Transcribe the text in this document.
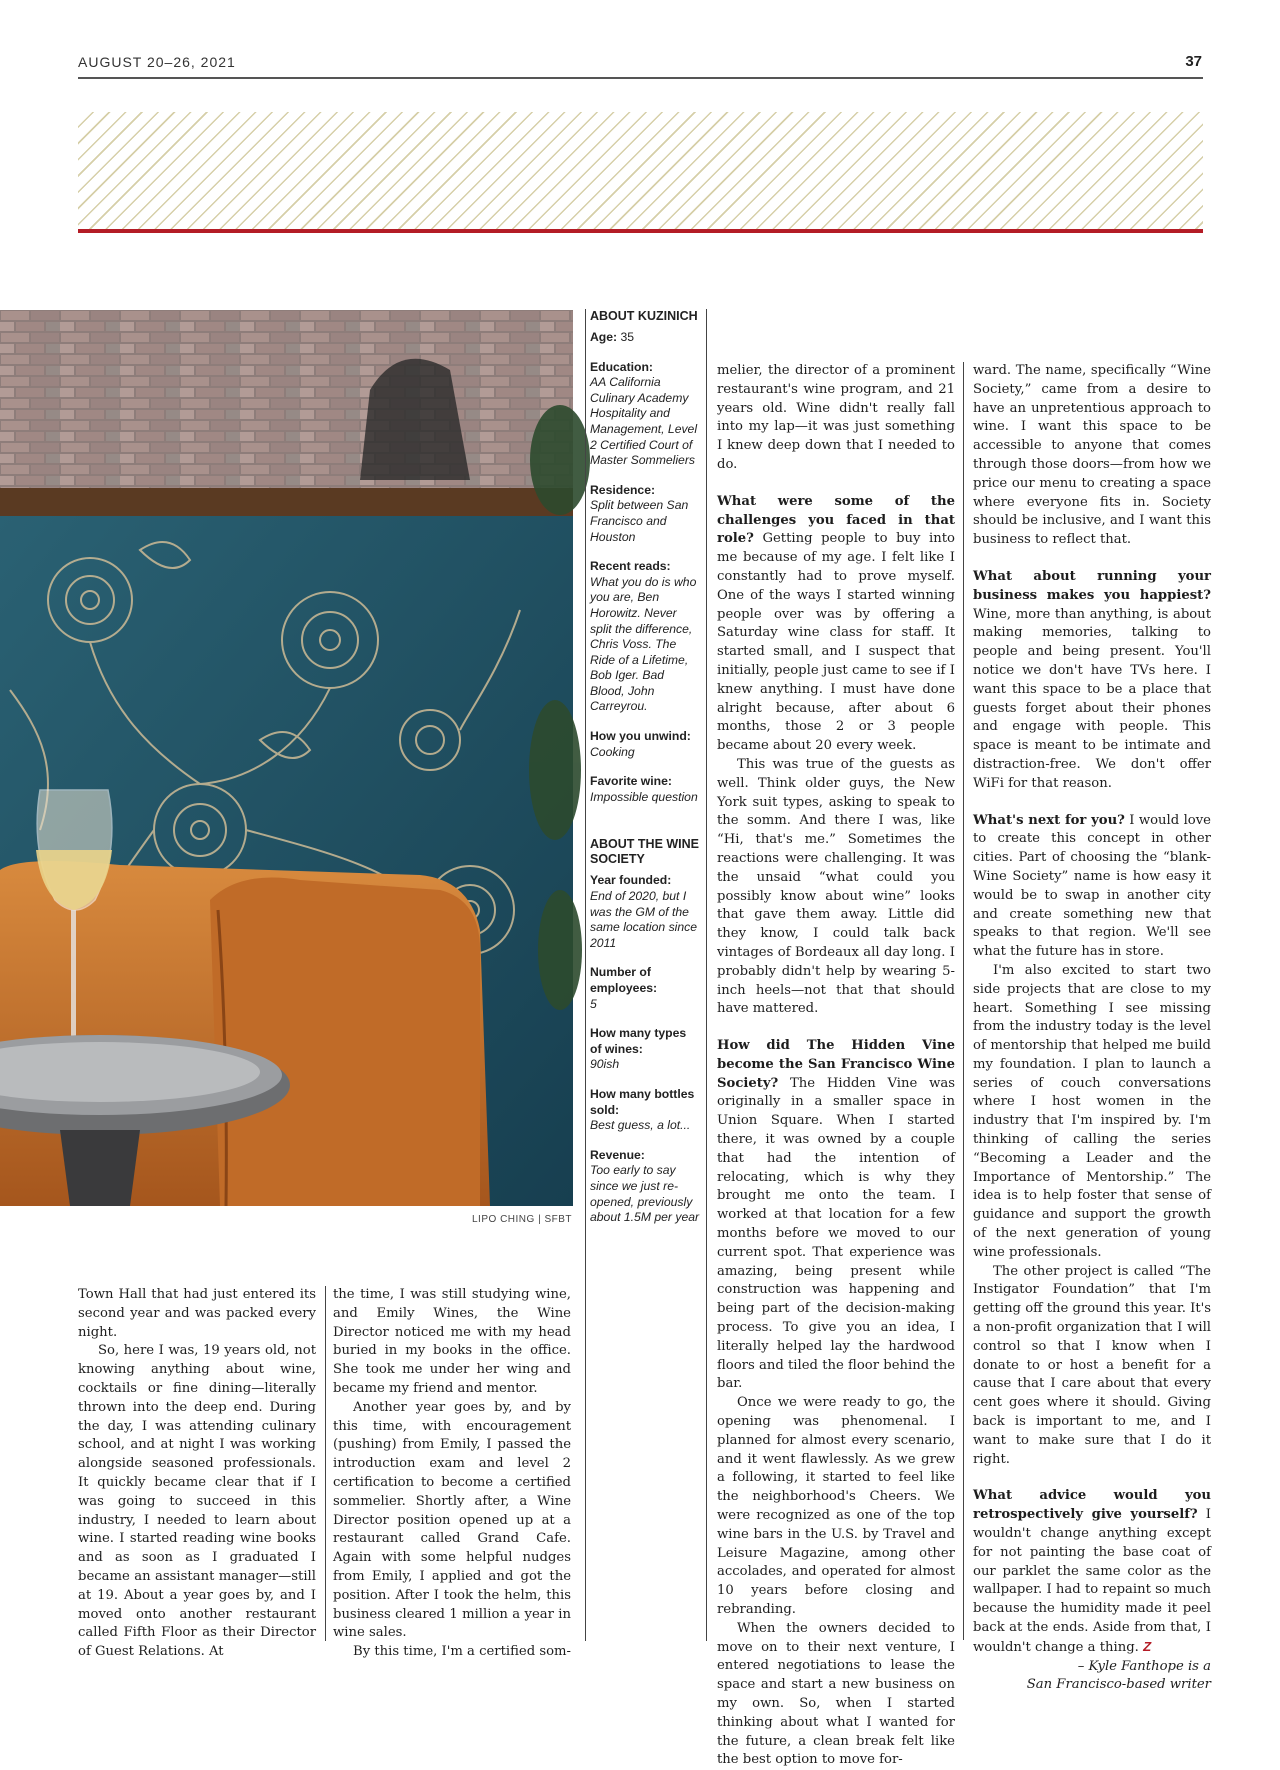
AUGUST 20–26, 2021	37
LIPO CHING | SFBT
ABOUT KUZINICH
Age: 35
Education:
AA California Culinary Academy Hospitality and Management, Level 2 Certified Court of Master Sommeliers
Residence:
Split between San Francisco and Houston
Recent reads:
What you do is who you are, Ben Horowitz. Never split the difference, Chris Voss. The Ride of a Lifetime, Bob Iger. Bad Blood, John Carreyrou.
How you unwind:
Cooking
Favorite wine:
Impossible question
ABOUT THE WINE SOCIETY
Year founded:
End of 2020, but I was the GM of the same location since 2011
Number of employees:
5
How many types of wines:
90ish
How many bottles sold:
Best guess, a lot...
Revenue:
Too early to say since we just re-opened, previously about 1.5M per year

Town Hall that had just entered its second year and was packed every night.

So, here I was, 19 years old, not knowing anything about wine, cocktails or fine dining—literally thrown into the deep end. During the day, I was attending culinary school, and at night I was working alongside seasoned professionals. It quickly became clear that if I was going to succeed in this industry, I needed to learn about wine. I started reading wine books and as soon as I graduated I became an assistant manager—still at 19. About a year goes by, and I moved onto another restaurant called Fifth Floor as their Director of Guest Relations. At

the time, I was still studying wine, and Emily Wines, the Wine Director noticed me with my head buried in my books in the office. She took me under her wing and became my friend and mentor.

Another year goes by, and by this time, with encouragement (pushing) from Emily, I passed the introduction exam and level 2 certification to become a certified sommelier. Shortly after, a Wine Director position opened up at a restaurant called Grand Cafe. Again with some helpful nudges from Emily, I applied and got the position. After I took the helm, this business cleared 1 million a year in wine sales.

By this time, I'm a certified som-

melier, the director of a prominent restaurant's wine program, and 21 years old. Wine didn't really fall into my lap—it was just something I knew deep down that I needed to do.

What were some of the challenges you faced in that role? Getting people to buy into me because of my age. I felt like I constantly had to prove myself. One of the ways I started winning people over was by offering a Saturday wine class for staff. It started small, and I suspect that initially, people just came to see if I knew anything. I must have done alright because, after about 6 months, those 2 or 3 people became about 20 every week.

This was true of the guests as well. Think older guys, the New York suit types, asking to speak to the somm. And there I was, like “Hi, that's me.” Sometimes the reactions were challenging. It was the unsaid “what could you possibly know about wine” looks that gave them away. Little did they know, I could talk back vintages of Bordeaux all day long. I probably didn't help by wearing 5-inch heels—not that that should have mattered.

How did The Hidden Vine become the San Francisco Wine Society? The Hidden Vine was originally in a smaller space in Union Square. When I started there, it was owned by a couple that had the intention of relocating, which is why they brought me onto the team. I worked at that location for a few months before we moved to our current spot. That experience was amazing, being present while construction was happening and being part of the decision-making process. To give you an idea, I literally helped lay the hardwood floors and tiled the floor behind the bar.

Once we were ready to go, the opening was phenomenal. I planned for almost every scenario, and it went flawlessly. As we grew a following, it started to feel like the neighborhood's Cheers. We were recognized as one of the top wine bars in the U.S. by Travel and Leisure Magazine, among other accolades, and operated for almost 10 years before closing and rebranding.

When the owners decided to move on to their next venture, I entered negotiations to lease the space and start a new business on my own. So, when I started thinking about what I wanted for the future, a clean break felt like the best option to move for-

ward. The name, specifically “Wine Society,” came from a desire to have an unpretentious approach to wine. I want this space to be accessible to anyone that comes through those doors—from how we price our menu to creating a space where everyone fits in. Society should be inclusive, and I want this business to reflect that.

What about running your business makes you happiest? Wine, more than anything, is about making memories, talking to people and being present. You'll notice we don't have TVs here. I want this space to be a place that guests forget about their phones and engage with people. This space is meant to be intimate and distraction-free. We don't offer WiFi for that reason.

What's next for you? I would love to create this concept in other cities. Part of choosing the “blank-Wine Society” name is how easy it would be to swap in another city and create something new that speaks to that region. We'll see what the future has in store.

I'm also excited to start two side projects that are close to my heart. Something I see missing from the industry today is the level of mentorship that helped me build my foundation. I plan to launch a series of couch conversations where I host women in the industry that I'm inspired by. I'm thinking of calling the series “Becoming a Leader and the Importance of Mentorship.” The idea is to help foster that sense of guidance and support the growth of the next generation of young wine professionals.

The other project is called “The Instigator Foundation” that I'm getting off the ground this year. It's a non-profit organization that I will control so that I know when I donate to or host a benefit for a cause that I care about that every cent goes where it should. Giving back is important to me, and I want to make sure that I do it right.

What advice would you retrospectively give yourself? I wouldn't change anything except for not painting the base coat of our parklet the same color as the wallpaper. I had to repaint so much because the humidity made it peel back at the ends. Aside from that, I wouldn't change a thing. Z

– Kyle Fanthope is a

San Francisco-based writer
